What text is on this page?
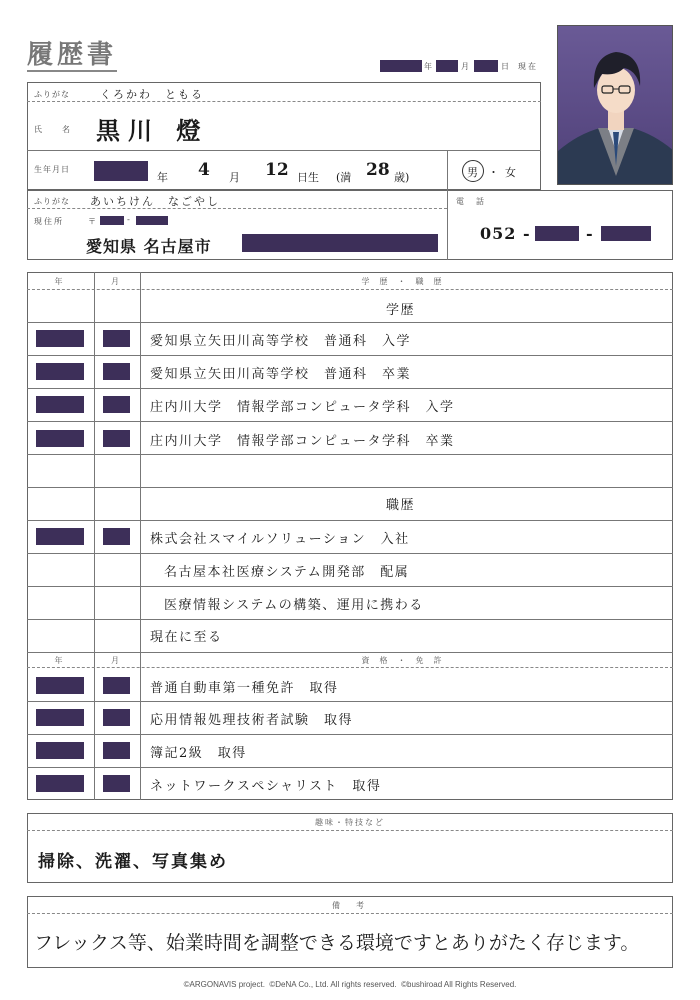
履歴書	年	月	日 現在
ふりがな	くろかわ　ともる
氏　名 黒川 燈
生年月日
年 4 月 12 日生 (満 28 歳)	男 ・ 女
ふりがな あいちけん　なごやし
現住所	〒	-
愛知県 名古屋市
電　話
052 -	-
年	月	学歴・職歴
学歴
愛知県立矢田川高等学校　普通科　入学
愛知県立矢田川高等学校　普通科　卒業
庄内川大学　情報学部コンピュータ学科　入学
庄内川大学　情報学部コンピュータ学科　卒業
職歴
株式会社スマイルソリューション　入社
名古屋本社医療システム開発部　配属
医療情報システムの構築、運用に携わる
現在に至る
年	月	資格・免許
普通自動車第一種免許　取得
応用情報処理技術者試験　取得
簿記2級　取得
ネットワークスペシャリスト　取得
趣味・特技など
掃除、洗濯、写真集め
備　考
フレックス等、始業時間を調整できる環境ですとありがたく存じます。
©ARGONAVIS project.  ©DeNA Co., Ltd. All rights reserved.  ©bushiroad All Rights Reserved.
